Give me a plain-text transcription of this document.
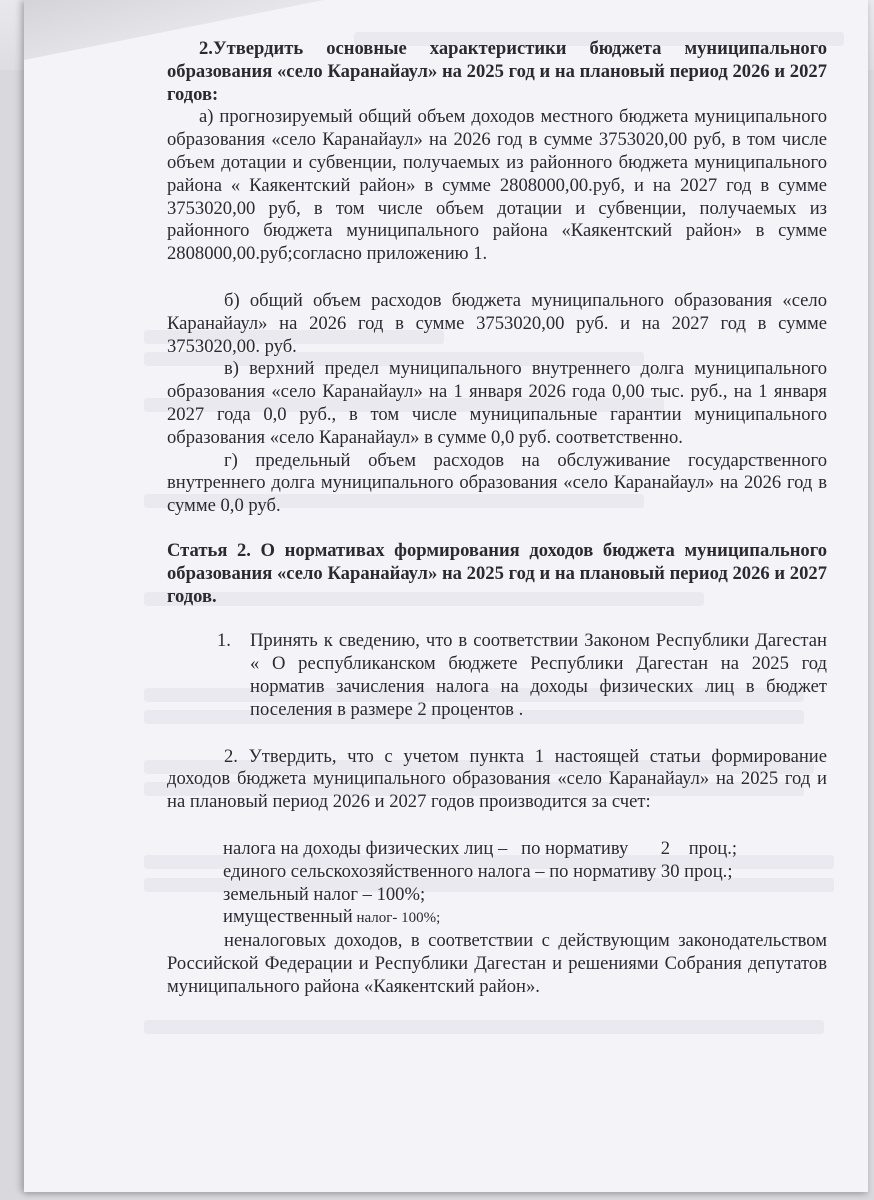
2.Утвердить основные характеристики бюджета муниципального образования «село Каранайаул» на 2025 год и на плановый период 2026 и 2027 годов:

а) прогнозируемый общий объем доходов местного бюджета муниципального образования «село Каранайаул» на 2026 год в сумме 3753020,00 руб, в том числе объем дотации и субвенции, получаемых из районного бюджета муниципального района « Каякентский район» в сумме 2808000,00.руб, и на 2027 год в сумме 3753020,00 руб, в том числе объем дотации и субвенции, получаемых из районного бюджета муниципального района «Каякентский район» в сумме 2808000,00.руб;согласно приложению 1.

б) общий объем расходов бюджета муниципального образования «село Каранайаул» на 2026 год в сумме 3753020,00 руб. и на 2027 год в сумме 3753020,00. руб.

в) верхний предел муниципального внутреннего долга муниципального образования «село Каранайаул» на 1 января 2026 года 0,00 тыс. руб., на 1 января 2027 года 0,0 руб., в том числе муниципальные гарантии муниципального образования «село Каранайаул» в сумме 0,0 руб. соответственно.

г) предельный объем расходов на обслуживание государственного внутреннего долга муниципального образования «село Каранайаул» на 2026 год в сумме 0,0 руб.

Статья 2. О нормативах формирования доходов бюджета муниципального образования «село Каранайаул» на 2025 год и на плановый период 2026 и 2027 годов.

1.	Принять к сведению, что в соответствии Законом Республики Дагестан « О республиканском бюджете Республики Дагестан на 2025 год норматив зачисления налога на доходы физических лиц в бюджет поселения в размере 2 процентов .

2. Утвердить, что с учетом пункта 1 настоящей статьи формирование доходов бюджета муниципального образования «село Каранайаул» на 2025 год и на плановый период 2026 и 2027 годов производится за счет:

налога на доходы физических лиц –   по нормативу       2    проц.;

единого сельскохозяйственного налога – по нормативу 30 проц.;

земельный налог – 100%;

имущественный налог- 100%;

неналоговых доходов, в соответствии с действующим законодательством Российской Федерации и Республики Дагестан и решениями Собрания депутатов муниципального района «Каякентский район».
